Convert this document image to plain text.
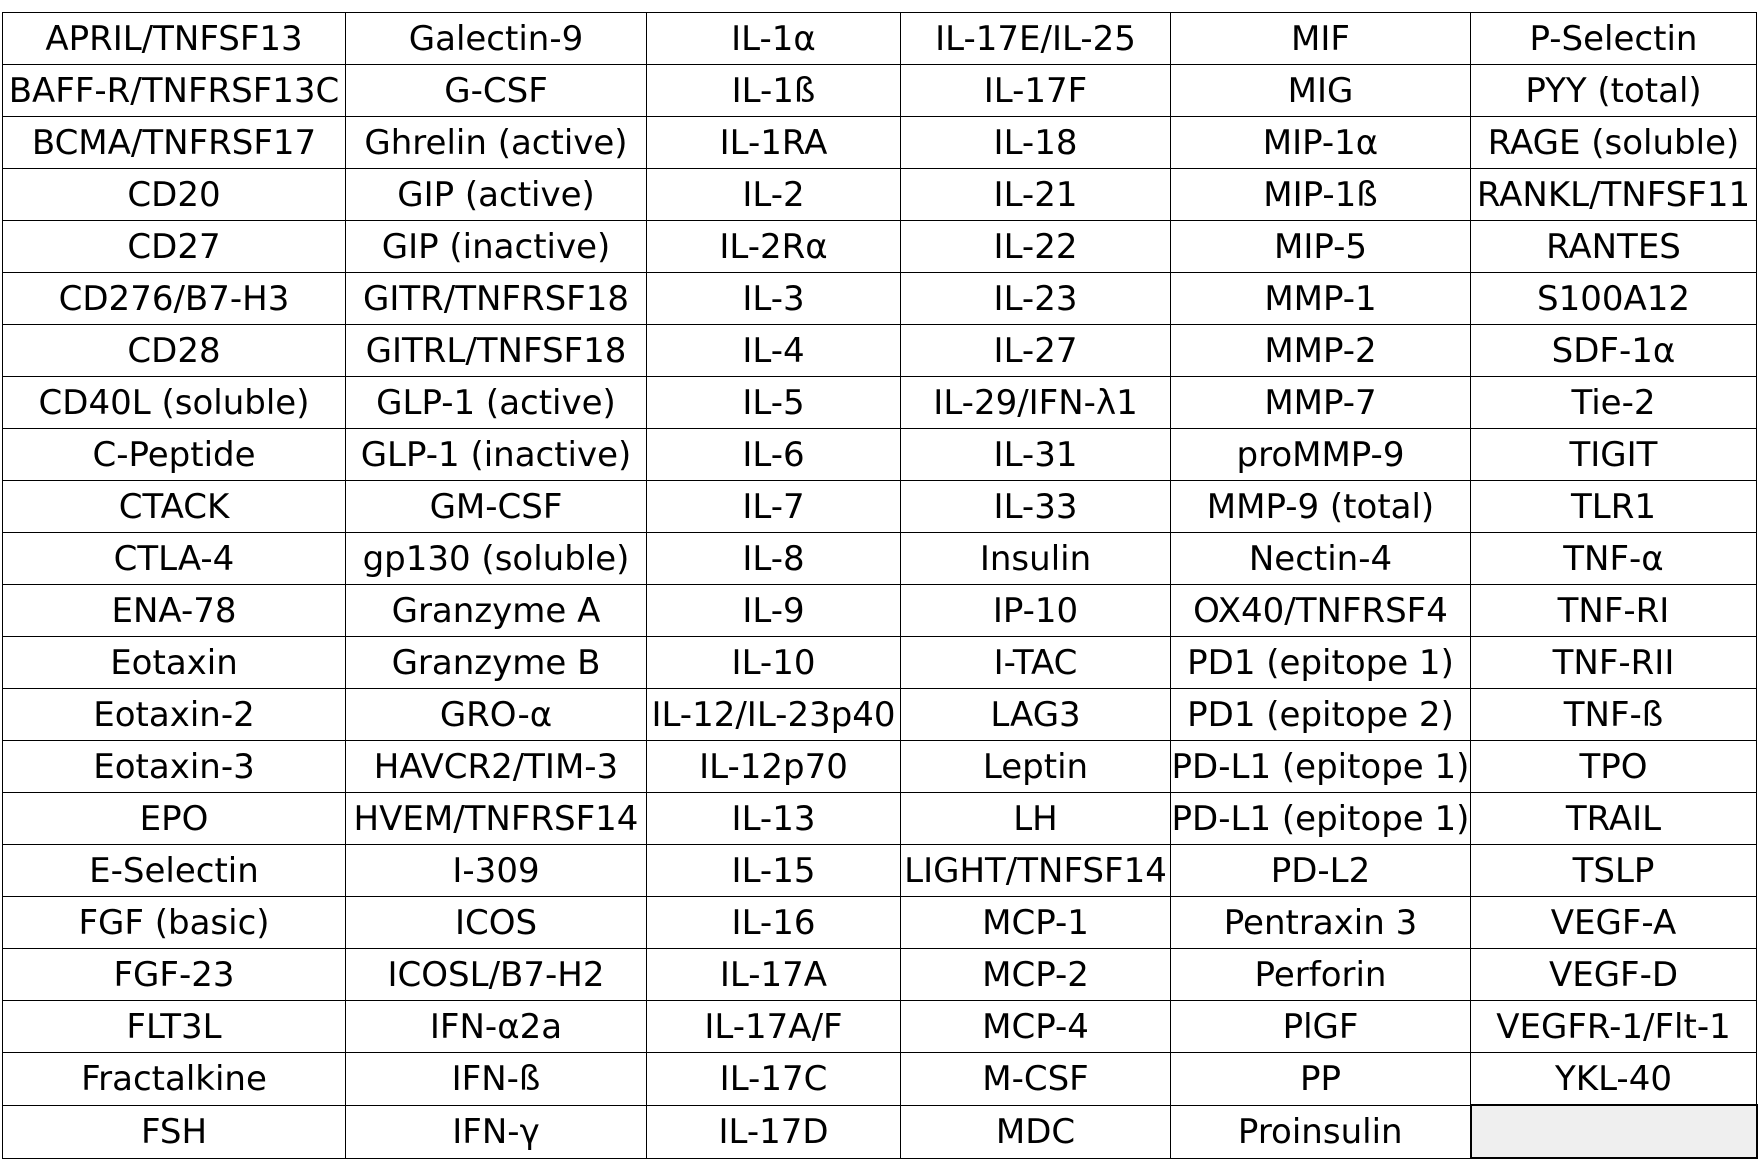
APRIL/TNFSF13	Galectin-9	IL-1α	IL-17E/IL-25	MIF	P-Selectin
BAFF-R/TNFRSF13C	G-CSF	IL-1ß	IL-17F	MIG	PYY (total)
BCMA/TNFRSF17	Ghrelin (active)	IL-1RA	IL-18	MIP-1α	RAGE (soluble)
CD20	GIP (active)	IL-2	IL-21	MIP-1ß	RANKL/TNFSF11
CD27	GIP (inactive)	IL-2Rα	IL-22	MIP-5	RANTES
CD276/B7-H3	GITR/TNFRSF18	IL-3	IL-23	MMP-1	S100A12
CD28	GITRL/TNFSF18	IL-4	IL-27	MMP-2	SDF-1α
CD40L (soluble)	GLP-1 (active)	IL-5	IL-29/IFN-λ1	MMP-7	Tie-2
C-Peptide	GLP-1 (inactive)	IL-6	IL-31	proMMP-9	TIGIT
CTACK	GM-CSF	IL-7	IL-33	MMP-9 (total)	TLR1
CTLA-4	gp130 (soluble)	IL-8	Insulin	Nectin-4	TNF-α
ENA-78	Granzyme A	IL-9	IP-10	OX40/TNFRSF4	TNF-RI
Eotaxin	Granzyme B	IL-10	I-TAC	PD1 (epitope 1)	TNF-RII
Eotaxin-2	GRO-α	IL-12/IL-23p40	LAG3	PD1 (epitope 2)	TNF-ß
Eotaxin-3	HAVCR2/TIM-3	IL-12p70	Leptin	PD-L1 (epitope 1)	TPO
EPO	HVEM/TNFRSF14	IL-13	LH	PD-L1 (epitope 1)	TRAIL
E-Selectin	I-309	IL-15	LIGHT/TNFSF14	PD-L2	TSLP
FGF (basic)	ICOS	IL-16	MCP-1	Pentraxin 3	VEGF-A
FGF-23	ICOSL/B7-H2	IL-17A	MCP-2	Perforin	VEGF-D
FLT3L	IFN-α2a	IL-17A/F	MCP-4	PlGF	VEGFR-1/Flt-1
Fractalkine	IFN-ß	IL-17C	M-CSF	PP	YKL-40
FSH	IFN-γ	IL-17D	MDC	Proinsulin	
